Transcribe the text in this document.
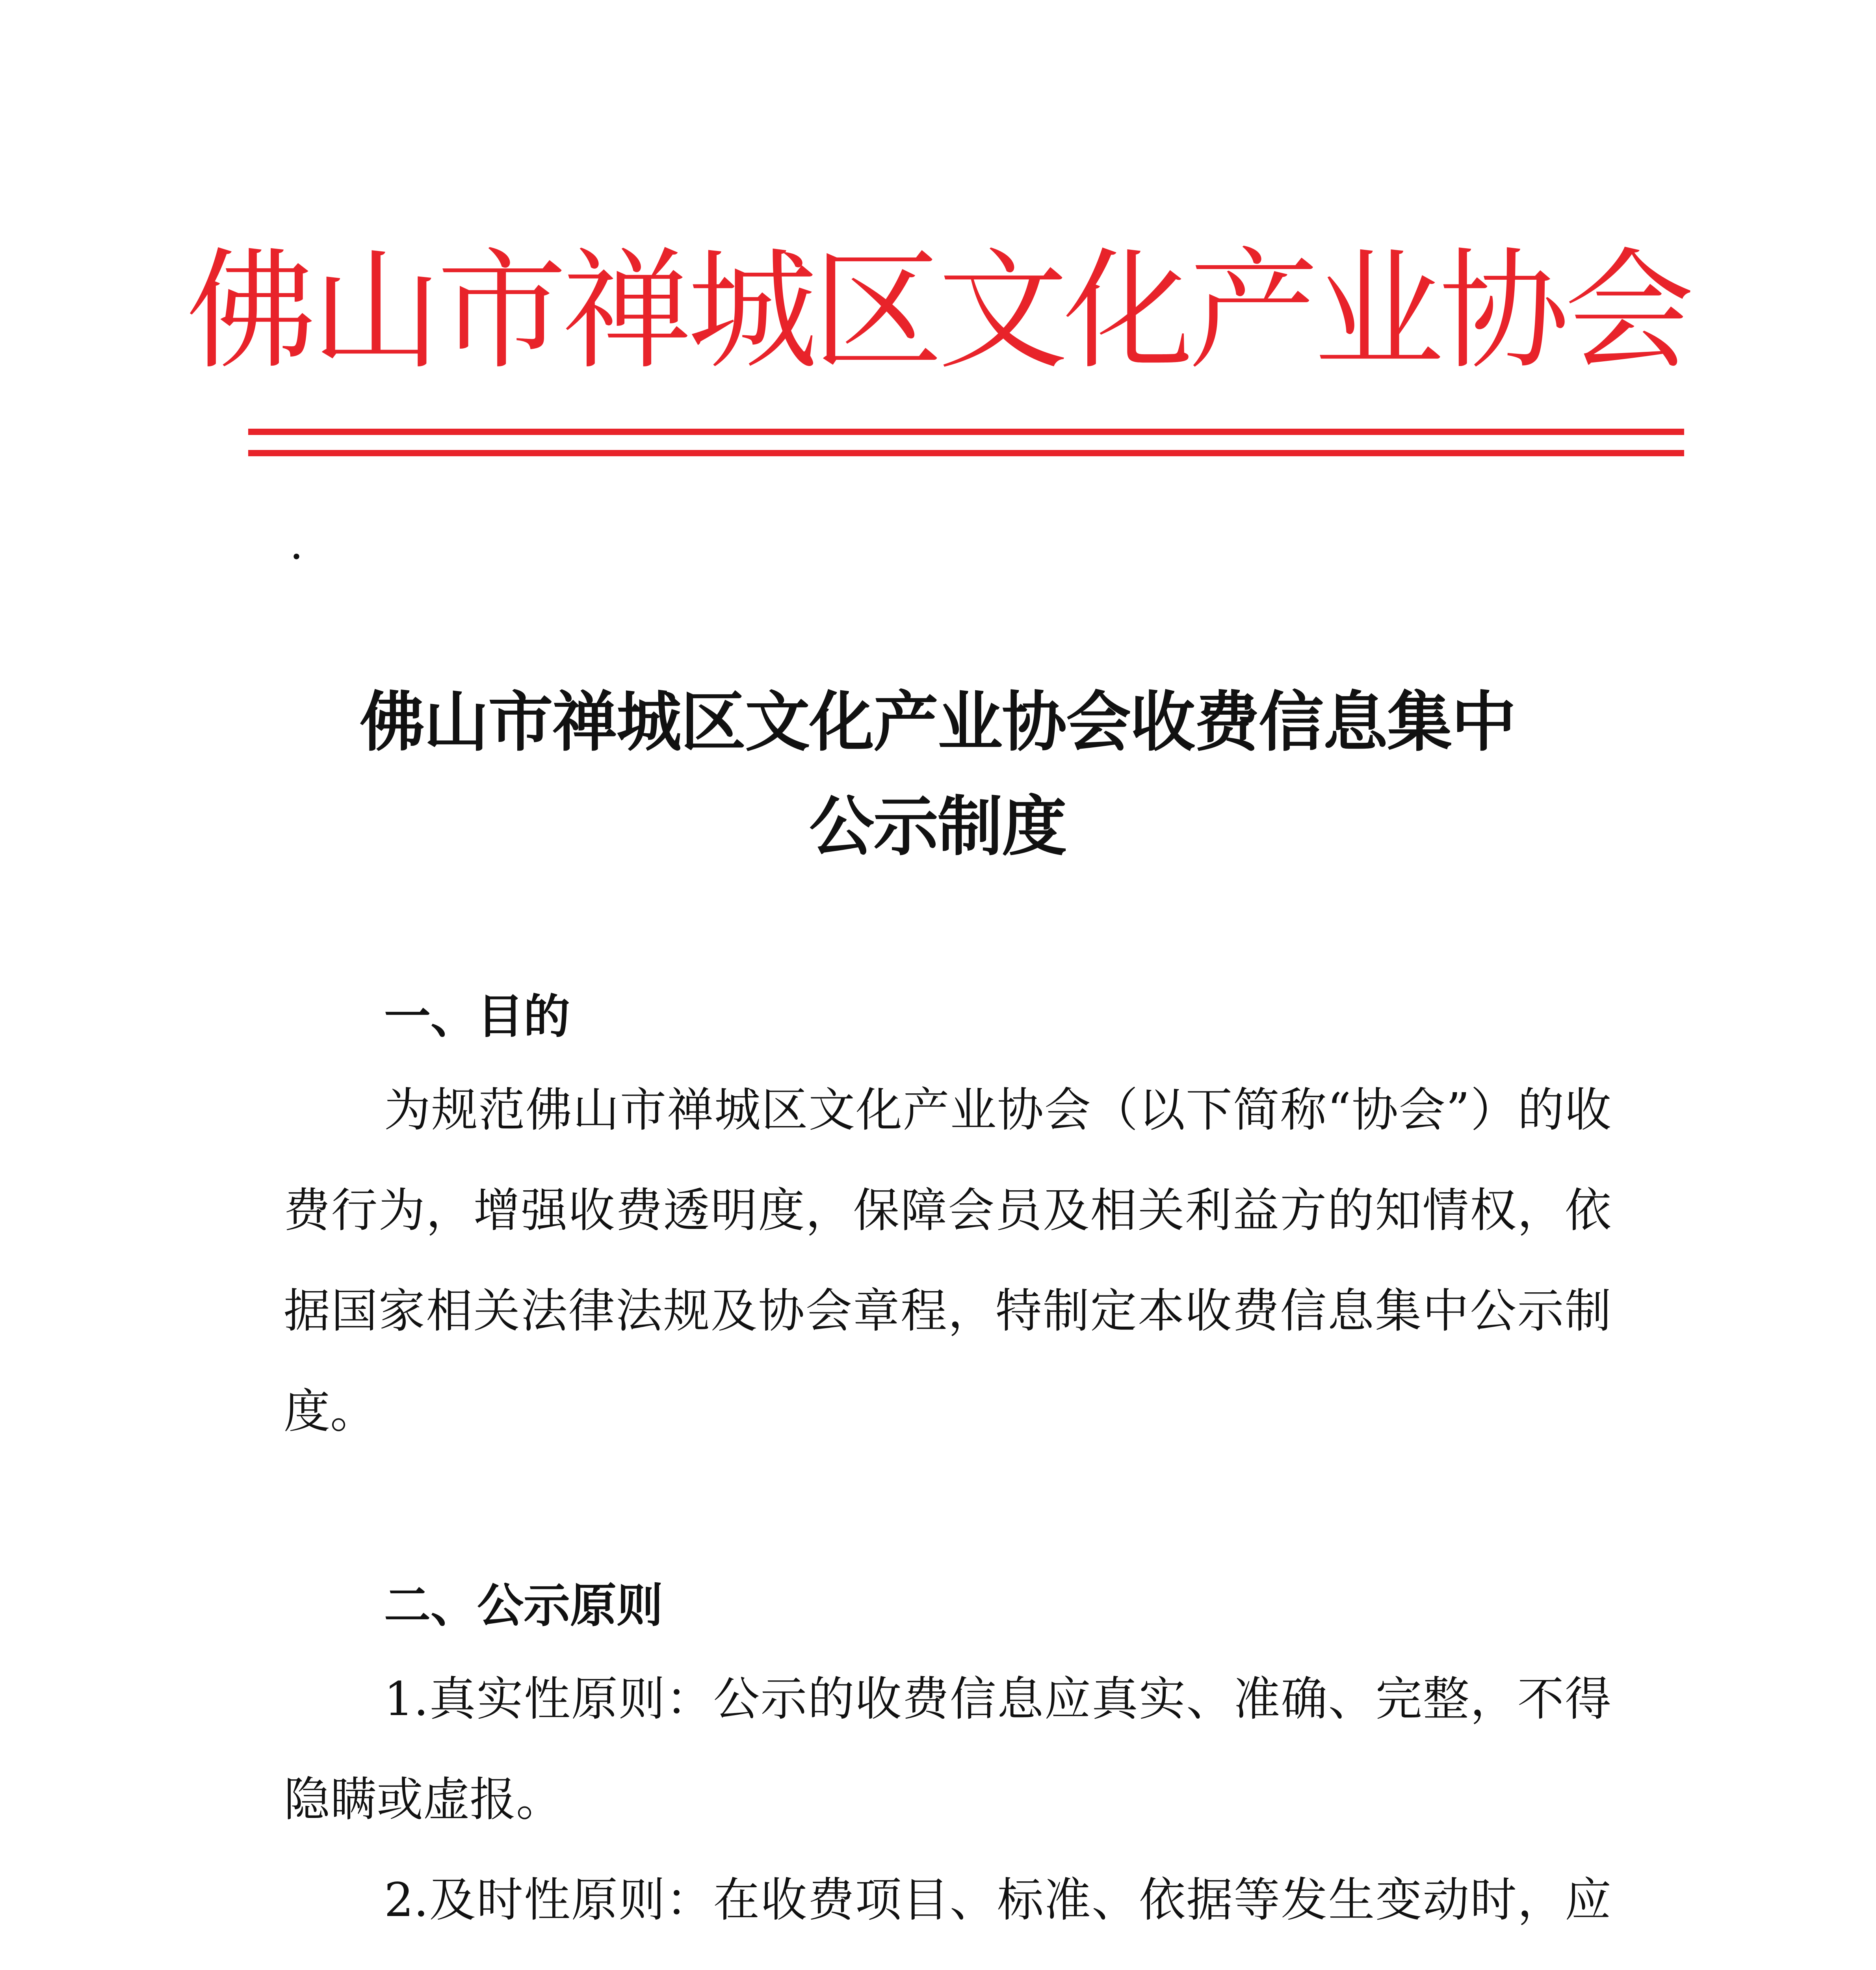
佛山市禅城区文化产业协会
.
佛山市禅城区文化产业协会收费信息集中
公示制度
一、目的
为规范佛山市禅城区文化产业协会（以下简称“协会”）的收费行为，增强收费透明度，保障会员及相关利益方的知情权，依据国家相关法律法规及协会章程，特制定本收费信息集中公示制度。
二、公示原则
1.真实性原则：公示的收费信息应真实、准确、完整，不得隐瞒或虚报。
2.及时性原则：在收费项目、标准、依据等发生变动时，应
